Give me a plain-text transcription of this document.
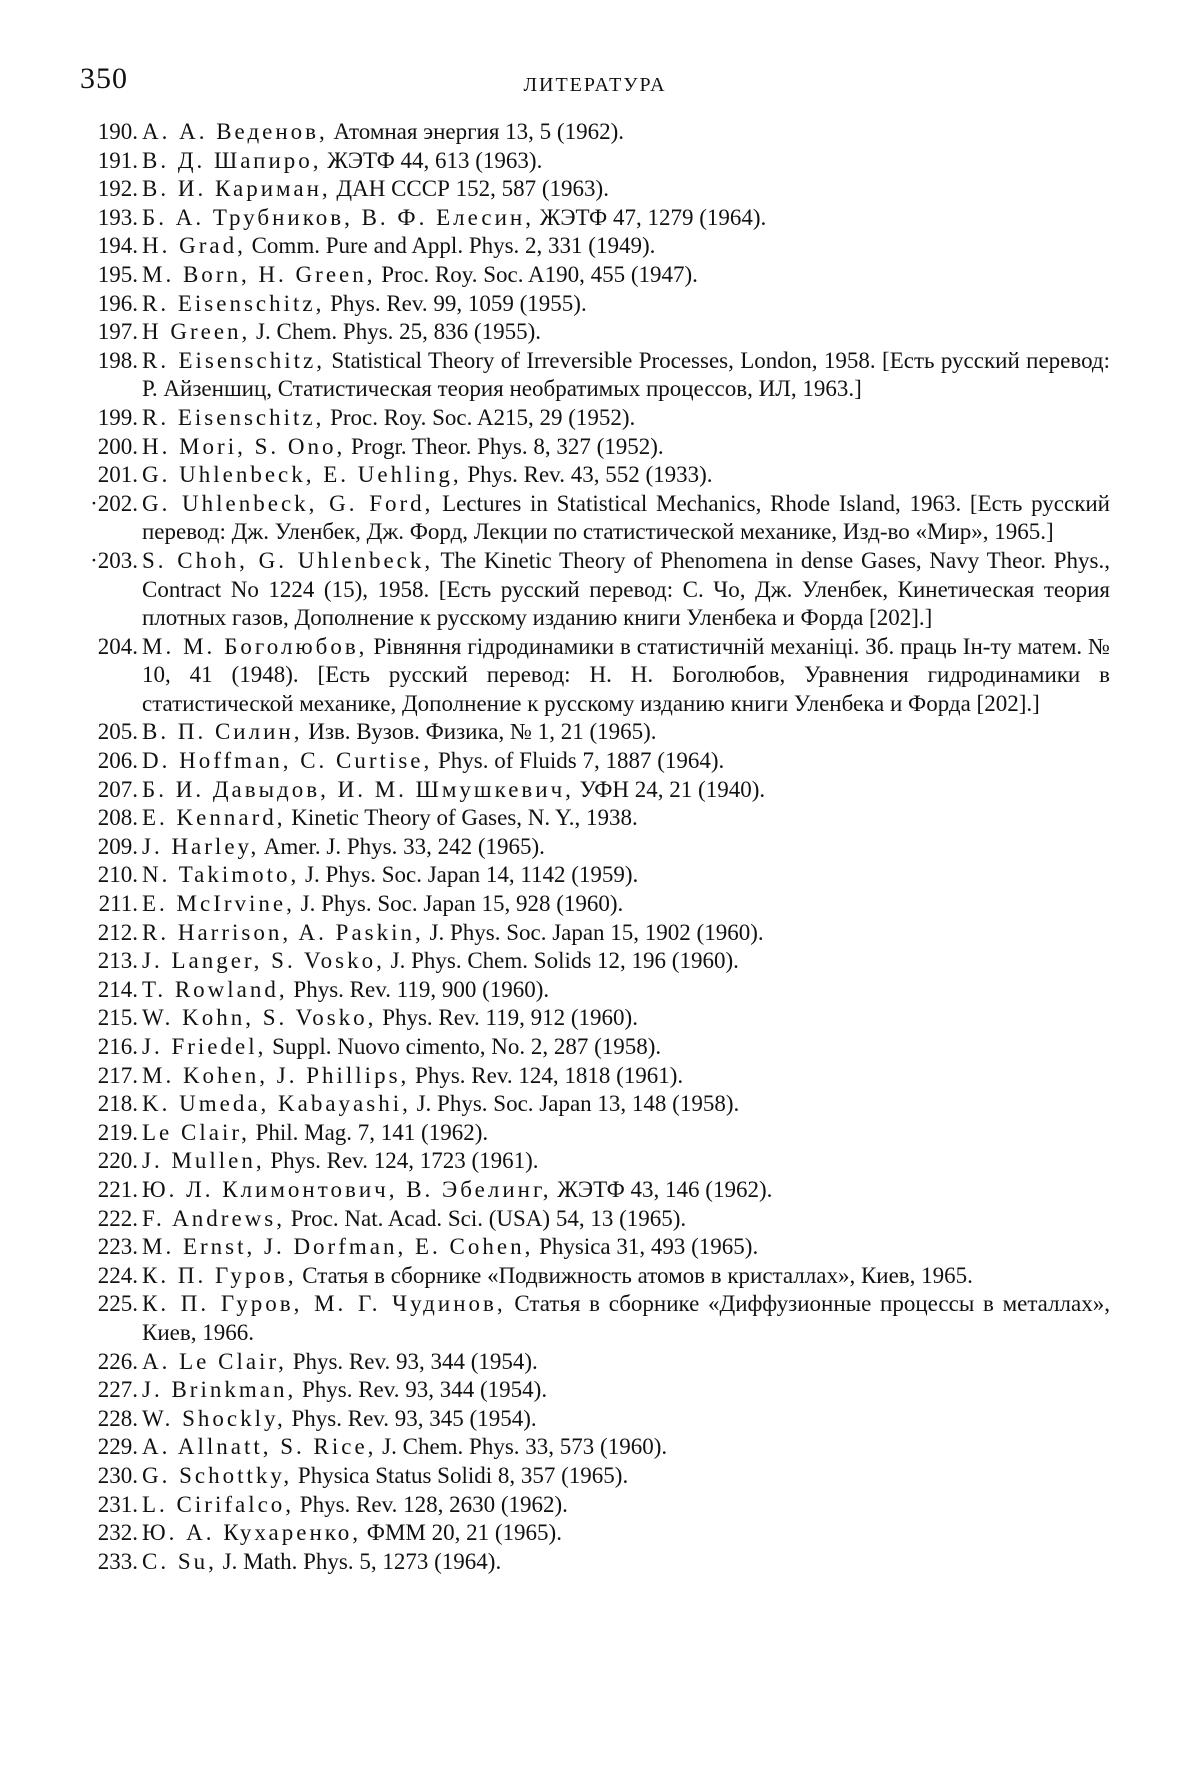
350	ЛИТЕРАТУРА
190. А. А. Веденов, Атомная энергия 13, 5 (1962).
191. В. Д. Шапиро, ЖЭТФ 44, 613 (1963).
192. В. И. Кариман, ДАН СССР 152, 587 (1963).
193. Б. А. Трубников, В. Ф. Елесин, ЖЭТФ 47, 1279 (1964).
194. H. Grad, Comm. Pure and Appl. Phys. 2, 331 (1949).
195. M. Born, H. Green, Proc. Roy. Soc. A190, 455 (1947).
196. R. Eisenschitz, Phys. Rev. 99, 1059 (1955).
197. H Green, J. Chem. Phys. 25, 836 (1955).
198. R. Eisenschitz, Statistical Theory of Irreversible Processes, London, 1958. [Есть русский перевод: Р. Айзеншиц, Статистическая теория необратимых процессов, ИЛ, 1963.]
199. R. Eisenschitz, Proc. Roy. Soc. A215, 29 (1952).
200. H. Mori, S. Ono, Progr. Theor. Phys. 8, 327 (1952).
201. G. Uhlenbeck, E. Uehling, Phys. Rev. 43, 552 (1933).
·202. G. Uhlenbeck, G. Ford, Lectures in Statistical Mechanics, Rhode Island, 1963. [Есть русский перевод: Дж. Уленбек, Дж. Форд, Лекции по статистической механике, Изд-во «Мир», 1965.]
·203. S. Choh, G. Uhlenbeck, The Kinetic Theory of Phenomena in dense Gases, Navy Theor. Phys., Contract No 1224 (15), 1958. [Есть русский перевод: С. Чо, Дж. Уленбек, Кинетическая теория плотных газов, Дополнение к русскому изданию книги Уленбека и Форда [202].]
204. М. М. Боголюбов, Рівняння гідродинамики в статистичній механіці. Зб. праць Ін-ту матем. № 10, 41 (1948). [Есть русский перевод: Н. Н. Боголюбов, Уравнения гидродинамики в статистической механике, Дополнение к русскому изданию книги Уленбека и Форда [202].]
205. В. П. Силин, Изв. Вузов. Физика, № 1, 21 (1965).
206. D. Hoffman, C. Curtise, Phys. of Fluids 7, 1887 (1964).
207. Б. И. Давыдов, И. М. Шмушкевич, УФН 24, 21 (1940).
208. E. Kennard, Kinetic Theory of Gases, N. Y., 1938.
209. J. Harley, Amer. J. Phys. 33, 242 (1965).
210. N. Takimoto, J. Phys. Soc. Japan 14, 1142 (1959).
211. E. McIrvine, J. Phys. Soc. Japan 15, 928 (1960).
212. R. Harrison, A. Paskin, J. Phys. Soc. Japan 15, 1902 (1960).
213. J. Langer, S. Vosko, J. Phys. Chem. Solids 12, 196 (1960).
214. T. Rowland, Phys. Rev. 119, 900 (1960).
215. W. Kohn, S. Vosko, Phys. Rev. 119, 912 (1960).
216. J. Friedel, Suppl. Nuovo cimento, No. 2, 287 (1958).
217. M. Kohen, J. Phillips, Phys. Rev. 124, 1818 (1961).
218. K. Umeda, Kabayashi, J. Phys. Soc. Japan 13, 148 (1958).
219. Le Clair, Phil. Mag. 7, 141 (1962).
220. J. Mullen, Phys. Rev. 124, 1723 (1961).
221. Ю. Л. Климонтович, В. Эбелинг, ЖЭТФ 43, 146 (1962).
222. F. Andrews, Proc. Nat. Acad. Sci. (USA) 54, 13 (1965).
223. M. Ernst, J. Dorfman, E. Cohen, Physica 31, 493 (1965).
224. К. П. Гуров, Статья в сборнике «Подвижность атомов в кристаллах», Киев, 1965.
225. К. П. Гуров, М. Г. Чудинов, Статья в сборнике «Диффузионные процессы в металлах», Киев, 1966.
226. A. Le Clair, Phys. Rev. 93, 344 (1954).
227. J. Brinkman, Phys. Rev. 93, 344 (1954).
228. W. Shockly, Phys. Rev. 93, 345 (1954).
229. A. Allnatt, S. Rice, J. Chem. Phys. 33, 573 (1960).
230. G. Schottky, Physica Status Solidi 8, 357 (1965).
231. L. Cirifalco, Phys. Rev. 128, 2630 (1962).
232. Ю. А. Кухаренко, ФММ 20, 21 (1965).
233. C. Su, J. Math. Phys. 5, 1273 (1964).
